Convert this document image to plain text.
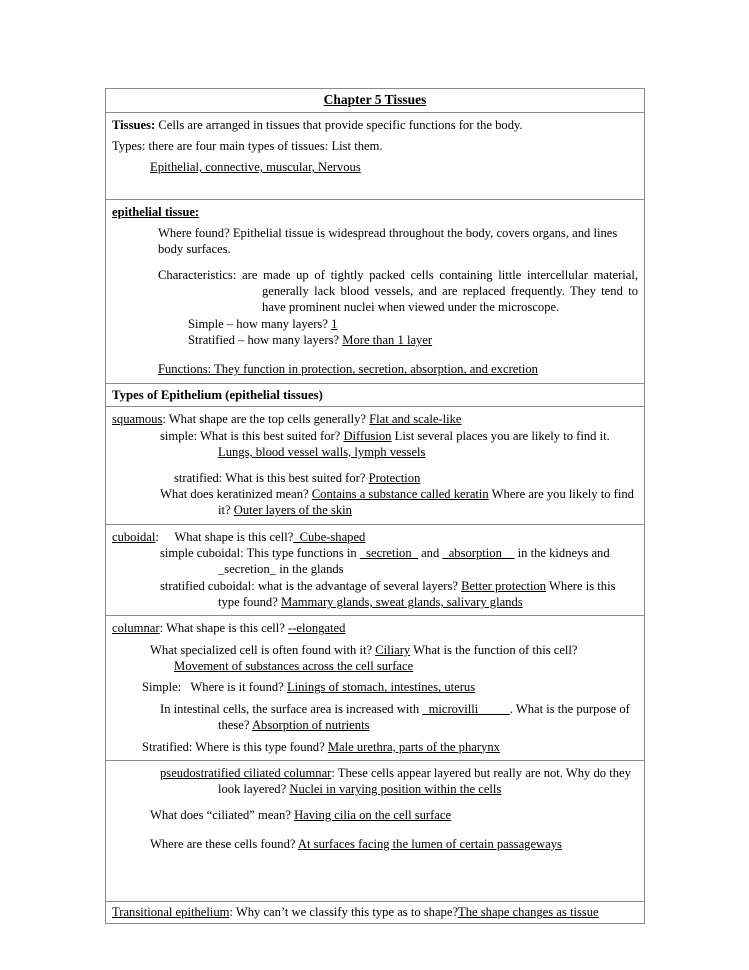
Chapter 5 Tissues

Tissues: Cells are arranged in tissues that provide specific functions for the body.

Types: there are four main types of tissues: List them.

Epithelial, connective, muscular, Nervous

epithelial tissue:

Where found? Epithelial tissue is widespread throughout the body, covers organs, and lines body surfaces.

Characteristics: are made up of tightly packed cells containing little intercellular material, generally lack blood vessels, and are replaced frequently. They tend to have prominent nuclei when viewed under the microscope.

Simple – how many layers? 1

Stratified – how many layers? More than 1 layer

Functions: They function in protection, secretion, absorption, and excretion

Types of Epithelium (epithelial tissues)

squamous: What shape are the top cells generally? Flat and scale-like

simple: What is this best suited for? Diffusion List several places you are likely to find it. Lungs, blood vessel walls, lymph vessels

stratified: What is this best suited for? Protection

What does keratinized mean? Contains a substance called keratin Where are you likely to find it? Outer layers of the skin

cuboidal: What shape is this cell? Cube-shaped

simple cuboidal: This type functions in _secretion_ and _absorption__ in the kidneys and _secretion_ in the glands

stratified cuboidal: what is the advantage of several layers? Better protection Where is this type found? Mammary glands, sweat glands, salivary glands

columnar: What shape is this cell? --elongated

What specialized cell is often found with it? Ciliary What is the function of this cell?

Movement of substances across the cell surface

Simple: Where is it found? Linings of stomach, intestines, uterus

In intestinal cells, the surface area is increased with _microvilli_____. What is the purpose of these? Absorption of nutrients

Stratified: Where is this type found? Male urethra, parts of the pharynx

pseudostratified ciliated columnar: These cells appear layered but really are not. Why do they look layered? Nuclei in varying position within the cells

What does “ciliated” mean? Having cilia on the cell surface

Where are these cells found? At surfaces facing the lumen of certain passageways

Transitional epithelium: Why can’t we classify this type as to shape?The shape changes as tissue
